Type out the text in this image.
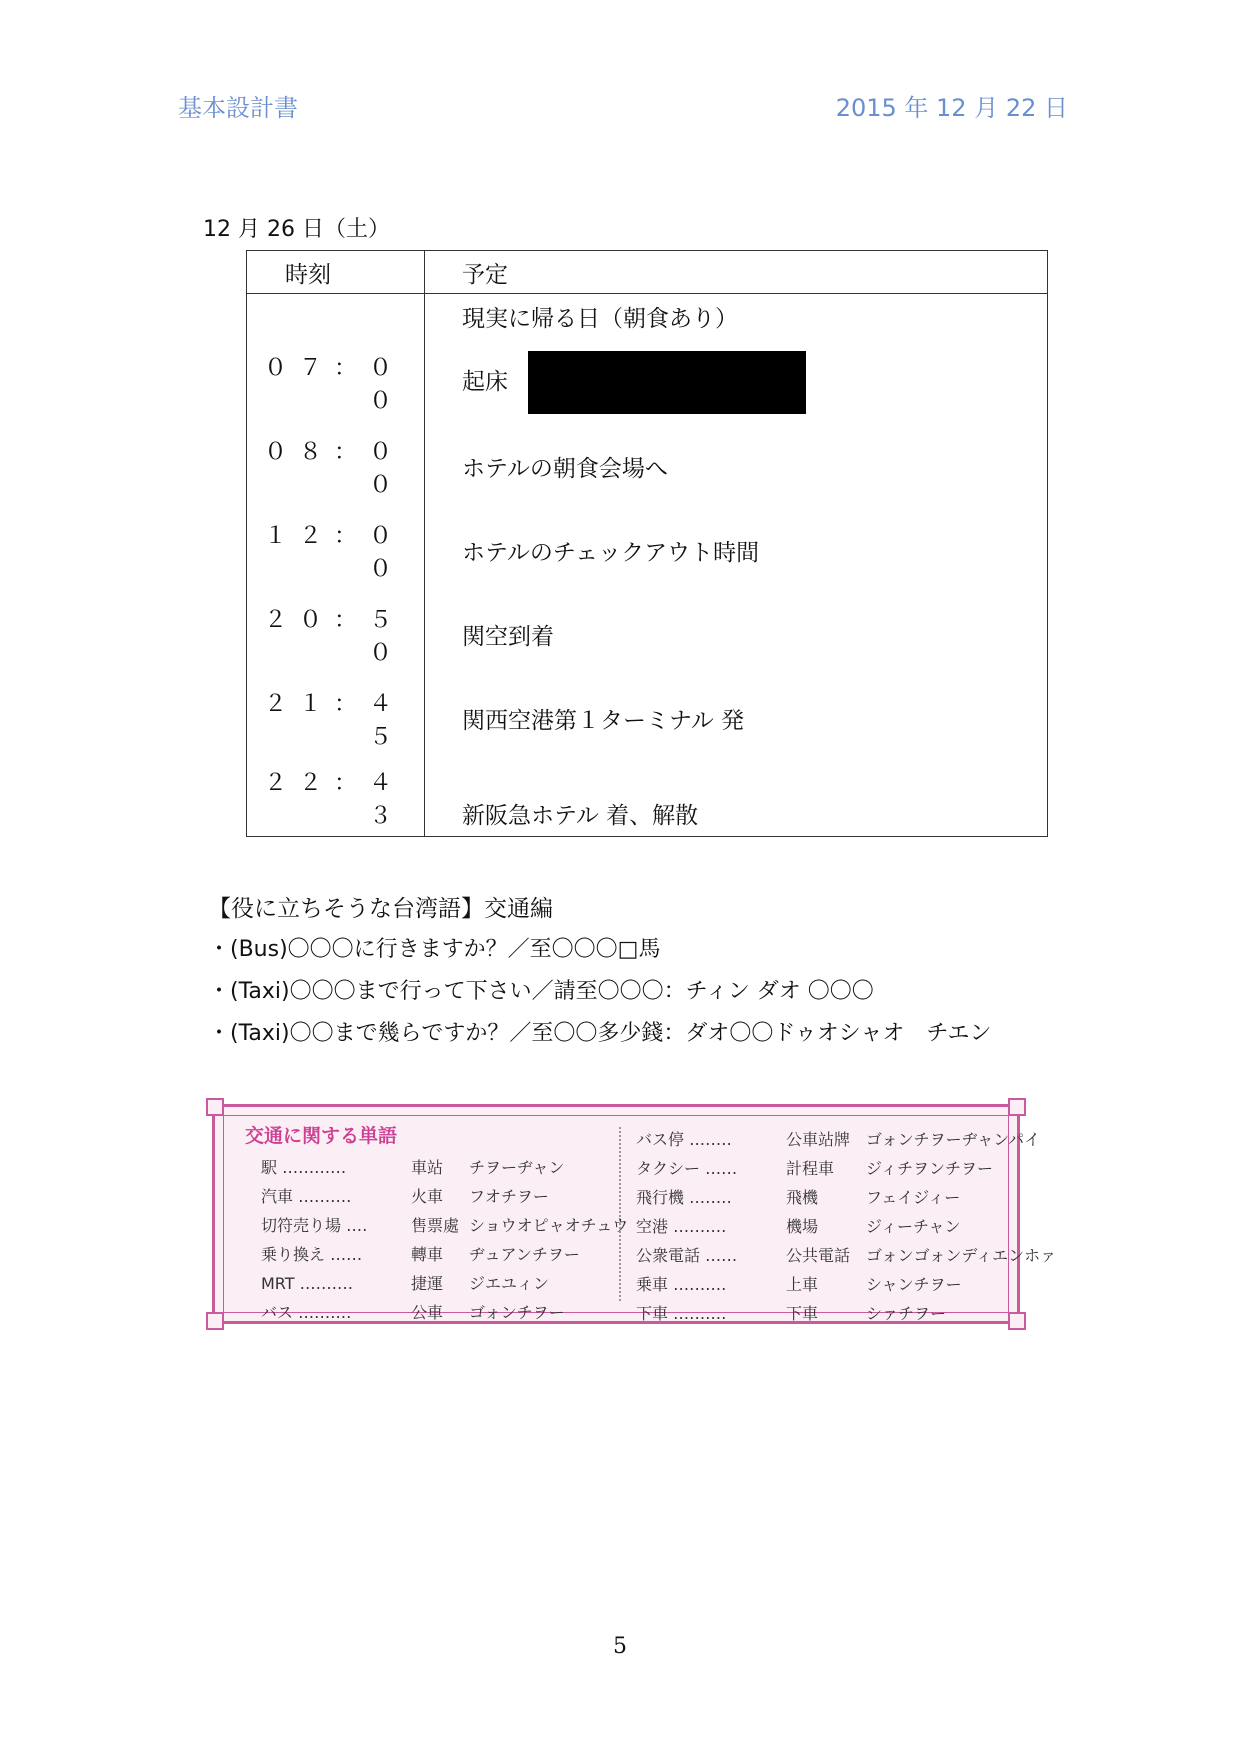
基本設計書	2015 年 12 月 22 日
12 月 26 日（土）
時刻	予定
	現実に帰る日（朝食あり）
０７：００	起床
０８：００	ホテルの朝食会場へ
１２：００	ホテルのチェックアウト時間
２０：５０	関空到着
２１：４５	関西空港第１ターミナル 発
２２：４３	新阪急ホテル 着、解散
【役に立ちそうな台湾語】交通編
・(Bus)〇〇〇に行きますか？／至〇〇〇□馬
・(Taxi)〇〇〇まで行って下さい／請至〇〇〇：チィン ダオ 〇〇〇
・(Taxi)〇〇まで幾らですか？／至〇〇多少錢：ダオ〇〇ドゥオシャオ　チエン
交通に関する単語
駅 ‥‥‥‥‥‥	車站 チヲーヂャン
汽車 ‥‥‥‥‥	火車 フオチヲー
切符売り場 ‥‥	售票處 ショウオピャオチュウ
乗り換え ‥‥‥	轉車 ヂュアンチヲー
MRT ‥‥‥‥‥	捷運 ジエユィン
バス ‥‥‥‥‥	公車 ゴォンチヲー
バス停 ‥‥‥‥	公車站牌 ゴォンチヲーヂャンパイ
タクシー ‥‥‥	計程車 ジィチヲンチヲー
飛行機 ‥‥‥‥	飛機	フェイジィー
空港 ‥‥‥‥‥	機場	ジィーチャン
公衆電話 ‥‥‥	公共電話 ゴォンゴォンディエンホァ
乗車 ‥‥‥‥‥	上車	シャンチヲー
下車 ‥‥‥‥‥	下車	シァチヲー
5
